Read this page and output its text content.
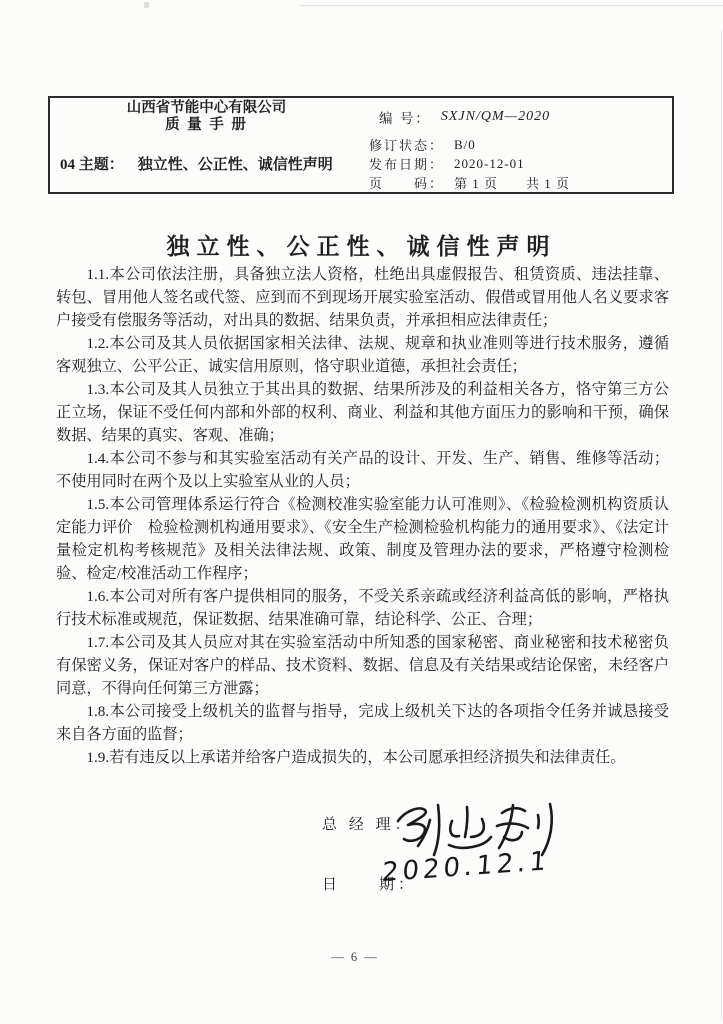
山西省节能中心有限公司
质 量 手 册
04 主题： 独立性、公正性、诚信性声明
编 号： SXJN/QM—2020
修订状态： B/0
发布日期： 2020-12-01
页　　码： 第 1 页　　共 1 页
独立性、公正性、诚信性声明

1.1.本公司依法注册，具备独立法人资格，杜绝出具虚假报告、租赁资质、违法挂靠、转包、冒用他人签名或代签、应到而不到现场开展实验室活动、假借或冒用他人名义要求客户接受有偿服务等活动，对出具的数据、结果负责，并承担相应法律责任；

1.2.本公司及其人员依据国家相关法律、法规、规章和执业准则等进行技术服务，遵循客观独立、公平公正、诚实信用原则，恪守职业道德，承担社会责任；

1.3.本公司及其人员独立于其出具的数据、结果所涉及的利益相关各方，恪守第三方公正立场，保证不受任何内部和外部的权利、商业、利益和其他方面压力的影响和干预，确保数据、结果的真实、客观、准确；

1.4.本公司不参与和其实验室活动有关产品的设计、开发、生产、销售、维修等活动；不使用同时在两个及以上实验室从业的人员；

1.5.本公司管理体系运行符合《检测校准实验室能力认可准则》、《检验检测机构资质认定能力评价　检验检测机构通用要求》、《安全生产检测检验机构能力的通用要求》、《法定计量检定机构考核规范》及相关法律法规、政策、制度及管理办法的要求，严格遵守检测检验、检定/校准活动工作程序；

1.6.本公司对所有客户提供相同的服务，不受关系亲疏或经济利益高低的影响，严格执行技术标准或规范，保证数据、结果准确可靠，结论科学、公正、合理；

1.7.本公司及其人员应对其在实验室活动中所知悉的国家秘密、商业秘密和技术秘密负有保密义务，保证对客户的样品、技术资料、数据、信息及有关结果或结论保密，未经客户同意，不得向任何第三方泄露；

1.8.本公司接受上级机关的监督与指导，完成上级机关下达的各项指令任务并诚恳接受来自各方面的监督；

1.9.若有违反以上承诺并给客户造成损失的，本公司愿承担经济损失和法律责任。

总 经 理：
日　　期：
2020.12.1
— 6 —
